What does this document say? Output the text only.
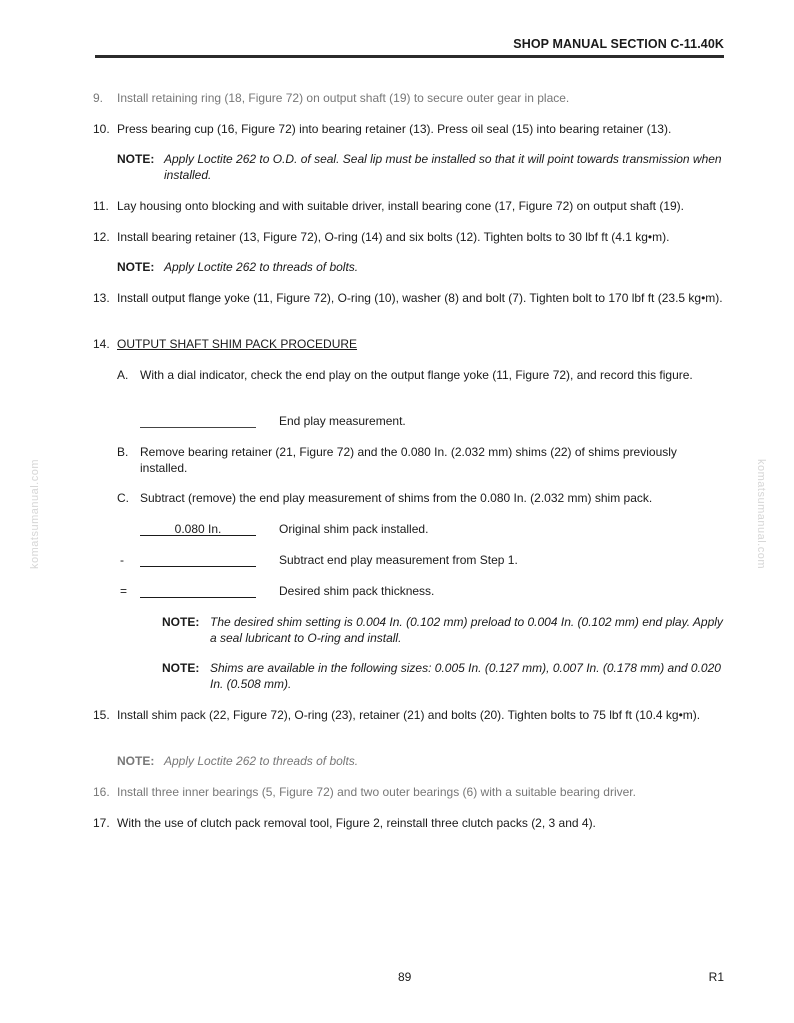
SHOP MANUAL SECTION C-11.40K
komatsumanual.com	komatsumanual.com
9. Install retaining ring (18, Figure 72) on output shaft (19) to secure outer gear in place.
10. Press bearing cup (16, Figure 72) into bearing retainer (13). Press oil seal (15) into bearing retainer (13).
NOTE: Apply Loctite 262 to O.D. of seal. Seal lip must be installed so that it will point towards transmission when installed.
11. Lay housing onto blocking and with suitable driver, install bearing cone (17, Figure 72) on output shaft (19).
12. Install bearing retainer (13, Figure 72), O-ring (14) and six bolts (12). Tighten bolts to 30 lbf ft (4.1 kg•m).
NOTE: Apply Loctite 262 to threads of bolts.
13. Install output flange yoke (11, Figure 72), O-ring (10), washer (8) and bolt (7). Tighten bolt to 170 lbf ft (23.5 kg•m).
14. OUTPUT SHAFT SHIM PACK PROCEDURE
A. With a dial indicator, check the end play on the output flange yoke (11, Figure 72), and record this figure.
End play measurement.
B. Remove bearing retainer (21, Figure 72) and the 0.080 In. (2.032 mm) shims (22) of shims previously installed.
C. Subtract (remove) the end play measurement of shims from the 0.080 In. (2.032 mm) shim pack.
0.080 In.	Original shim pack installed.
-	Subtract end play measurement from Step 1.
=	Desired shim pack thickness.
NOTE: The desired shim setting is 0.004 In. (0.102 mm) preload to 0.004 In. (0.102 mm) end play. Apply a seal lubricant to O-ring and install.
NOTE: Shims are available in the following sizes: 0.005 In. (0.127 mm), 0.007 In. (0.178 mm) and 0.020 In. (0.508 mm).
15. Install shim pack (22, Figure 72), O-ring (23), retainer (21) and bolts (20). Tighten bolts to 75 lbf ft (10.4 kg•m).
NOTE: Apply Loctite 262 to threads of bolts.
16. Install three inner bearings (5, Figure 72) and two outer bearings (6) with a suitable bearing driver.
17. With the use of clutch pack removal tool, Figure 2, reinstall three clutch packs (2, 3 and 4).
89	R1
